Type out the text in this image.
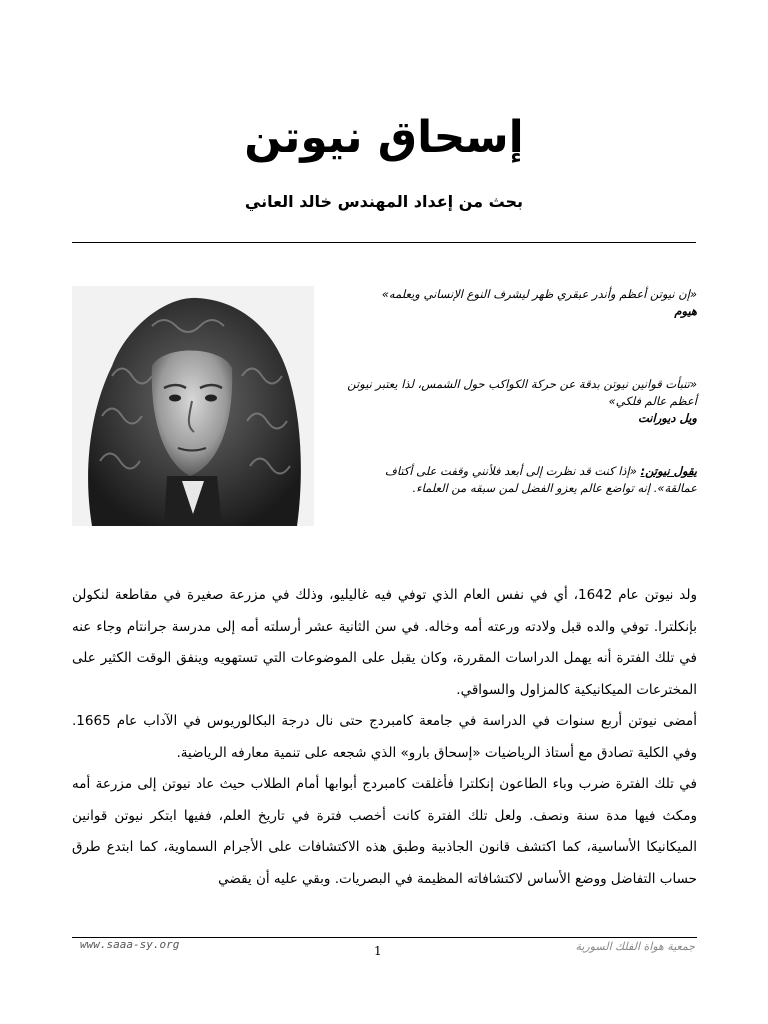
إسحاق نيوتن
بحث من إعداد المهندس خالد العاني

«إن نيوتن أعظم وأندر عبقري ظهر ليشرف النوع الإنساني ويعلمه»
هيوم

«تنبأت قوانين نيوتن بدقة عن حركة الكواكب حول الشمس، لذا يعتبر نيوتن أعظم عالم فلكي»
ويل ديورانت

يقول نيوتن: «إذا كنت قد نظرت إلى أبعد فلأنني وقفت على أكتاف عمالقة». إنه تواضع عالم يعزو الفضل لمن سبقه من العلماء.

ولد نيوتن عام 1642، أي في نفس العام الذي توفي فيه غاليليو، وذلك في مزرعة صغيرة في مقاطعة لنكولن بإنكلترا. توفي والده قبل ولادته ورعته أمه وخاله. في سن الثانية عشر أرسلته أمه إلى مدرسة جرانتام وجاء عنه في تلك الفترة أنه يهمل الدراسات المقررة، وكان يقبل على الموضوعات التي تستهويه وينفق الوقت الكثير على المخترعات الميكانيكية كالمزاول والسواقي.

أمضى نيوتن أربع سنوات في الدراسة في جامعة كامبردج حتى نال درجة البكالوريوس في الآداب عام 1665. وفي الكلية تصادق مع أستاذ الرياضيات «إسحاق بارو» الذي شجعه على تنمية معارفه الرياضية.

في تلك الفترة ضرب وباء الطاعون إنكلترا فأغلقت كامبردج أبوابها أمام الطلاب حيث عاد نيوتن إلى مزرعة أمه ومكث فيها مدة سنة ونصف. ولعل تلك الفترة كانت أخصب فترة في تاريخ العلم، ففيها ابتكر نيوتن قوانين الميكانيكا الأساسية، كما اكتشف قانون الجاذبية وطبق هذه الاكتشافات على الأجرام السماوية، كما ابتدع طرق حساب التفاضل ووضع الأساس لاكتشافاته المظيمة في البصريات. وبقي عليه أن يقضي

www.saaa-sy.org	1	جمعية هواة الفلك السورية
